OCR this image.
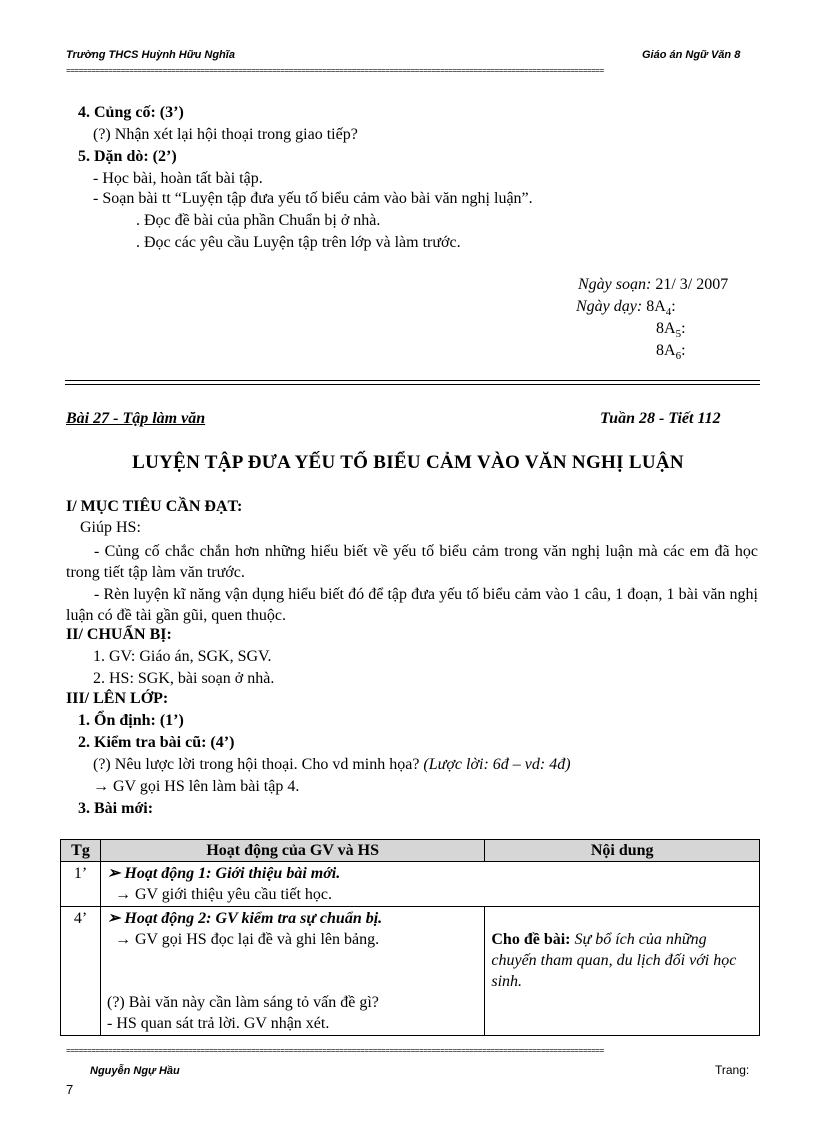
Trường THCS Huỳnh Hữu Nghĩa	Giáo án Ngữ Văn 8
================================================================================================================================
4. Củng cố: (3’)
(?) Nhận xét lại hội thoại trong giao tiếp?
5. Dặn dò: (2’)
- Học bài, hoàn tất bài tập.
- Soạn bài tt “Luyện tập đưa yếu tố biểu cảm vào bài văn nghị luận”.
. Đọc đề bài của phần Chuẩn bị ở nhà.
. Đọc các yêu cầu Luyện tập trên lớp và làm trước.
Ngày soạn: 21/ 3/ 2007
Ngày dạy: $8A_4$:
$8A_5$:
$8A_6$:
Bài 27 - Tập làm văn	Tuần 28 - Tiết 112
LUYỆN TẬP ĐƯA YẾU TỐ BIỂU CẢM VÀO VĂN NGHỊ LUẬN
I/ MỤC TIÊU CẦN ĐẠT:
Giúp HS:
- Củng cố chắc chắn hơn những hiểu biết về yếu tố biểu cảm trong văn nghị luận mà các em đã học trong tiết tập làm văn trước.
- Rèn luyện kĩ năng vận dụng hiểu biết đó để tập đưa yếu tố biểu cảm vào 1 câu, 1 đoạn, 1 bài văn nghị luận có đề tài gần gũi, quen thuộc.
II/ CHUẨN BỊ:
1. GV: Giáo án, SGK, SGV.
2. HS: SGK, bài soạn ở nhà.
III/ LÊN LỚP:
1. Ổn định: (1’)
2. Kiểm tra bài cũ: (4’)
(?) Nêu lược lời trong hội thoại. Cho vd minh họa? (Lược lời: 6đ – vd: 4đ)
→ GV gọi HS lên làm bài tập 4.
3. Bài mới:
Tg	Hoạt động của GV và HS	Nội dung
1’	➢ Hoạt động 1: Giới thiệu bài mới.
→ GV giới thiệu yêu cầu tiết học.	

4’	➢ Hoạt động 2: GV kiểm tra sự chuẩn bị.
→ GV gọi HS đọc lại đề và ghi lên bảng.
(?) Bài văn này cần làm sáng tỏ vấn đề gì?
- HS quan sát trả lời. GV nhận xét.	Cho đề bài: Sự bổ ích của những chuyến tham quan, du lịch đối với học sinh.
================================================================================================================================
Nguyễn Ngự Hầu	Trang:
7
